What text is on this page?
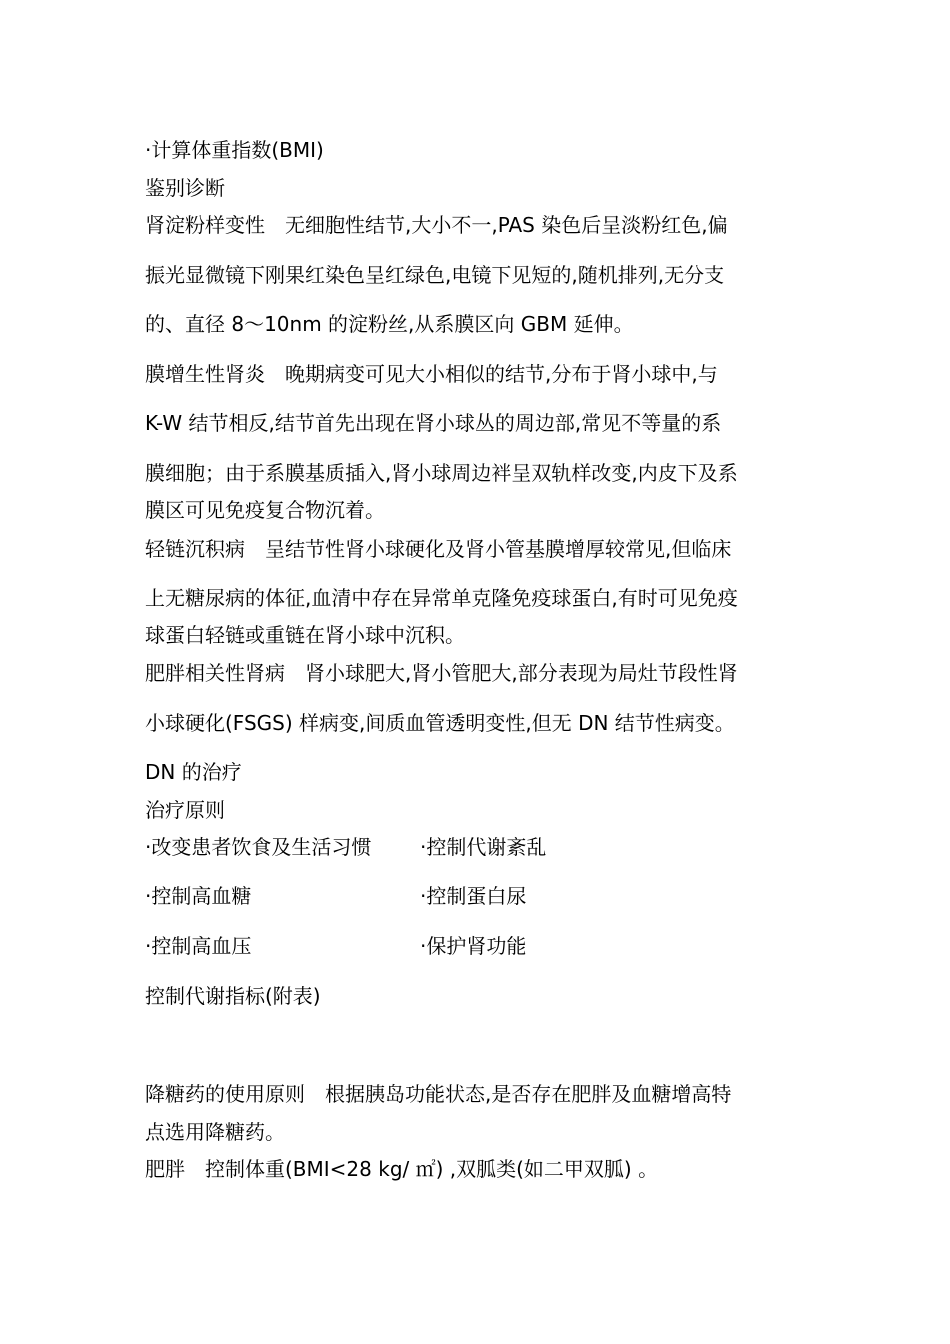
·计算体重指数(BMI)
鉴别诊断
肾淀粉样变性　无细胞性结节,大小不一,PAS 染色后呈淡粉红色,偏
振光显微镜下刚果红染色呈红绿色,电镜下见短的,随机排列,无分支
的、直径 8～10nm 的淀粉丝,从系膜区向 GBM 延伸。
膜增生性肾炎　晚期病变可见大小相似的结节,分布于肾小球中,与
K-W 结节相反,结节首先出现在肾小球丛的周边部,常见不等量的系
膜细胞；由于系膜基质插入,肾小球周边袢呈双轨样改变,内皮下及系
膜区可见免疫复合物沉着。
轻链沉积病　呈结节性肾小球硬化及肾小管基膜增厚较常见,但临床
上无糖尿病的体征,血清中存在异常单克隆免疫球蛋白,有时可见免疫
球蛋白轻链或重链在肾小球中沉积。
肥胖相关性肾病　肾小球肥大,肾小管肥大,部分表现为局灶节段性肾
小球硬化(FSGS) 样病变,间质血管透明变性,但无 DN 结节性病变。
DN 的治疗
治疗原则
·改变患者饮食及生活习惯	·控制代谢紊乱
·控制高血糖	·控制蛋白尿
·控制高血压	·保护肾功能
控制代谢指标(附表)
降糖药的使用原则　根据胰岛功能状态,是否存在肥胖及血糖增高特
点选用降糖药。
肥胖　控制体重(BMI<28 kg/ ㎡) ,双胍类(如二甲双胍) 。
